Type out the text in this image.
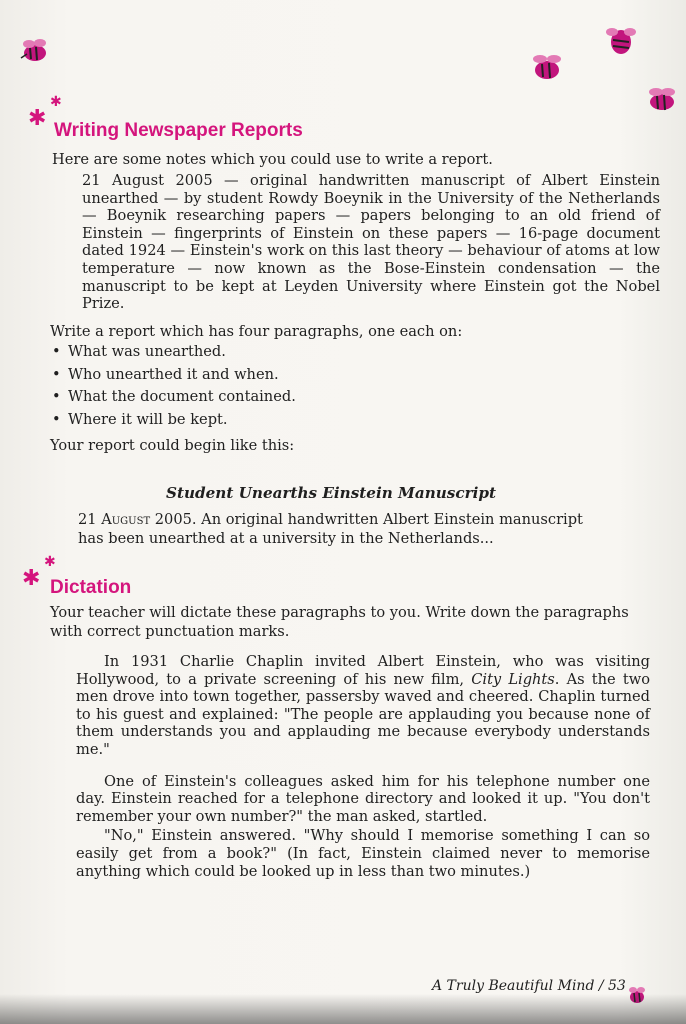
✱
✱ Writing Newspaper Reports
Here are some notes which you could use to write a report.

21 August 2005 — original handwritten manuscript of Albert Einstein unearthed — by student Rowdy Boeynik in the University of the Netherlands — Boeynik researching papers — papers belonging to an old friend of Einstein — fingerprints of Einstein on these papers — 16-page document dated 1924 — Einstein's work on this last theory — behaviour of atoms at low temperature — now known as the Bose-Einstein condensation — the manuscript to be kept at Leyden University where Einstein got the Nobel Prize.

Write a report which has four paragraphs, one each on:
• What was unearthed.
• Who unearthed it and when.
• What the document contained.
• Where it will be kept.
Your report could begin like this:
Student Unearths Einstein Manuscript
21 August 2005. An original handwritten Albert Einstein manuscript has been unearthed at a university in the Netherlands...
✱
✱ Dictation
Your teacher will dictate these paragraphs to you. Write down the paragraphs with correct punctuation marks.

In 1931 Charlie Chaplin invited Albert Einstein, who was visiting Hollywood, to a private screening of his new film, City Lights. As the two men drove into town together, passersby waved and cheered. Chaplin turned to his guest and explained: "The people are applauding you because none of them understands you and applauding me because everybody understands me."

One of Einstein's colleagues asked him for his telephone number one day. Einstein reached for a telephone directory and looked it up. "You don't remember your own number?" the man asked, startled.

"No," Einstein answered. "Why should I memorise something I can so easily get from a book?" (In fact, Einstein claimed never to memorise anything which could be looked up in less than two minutes.)

A Truly Beautiful Mind / 53
